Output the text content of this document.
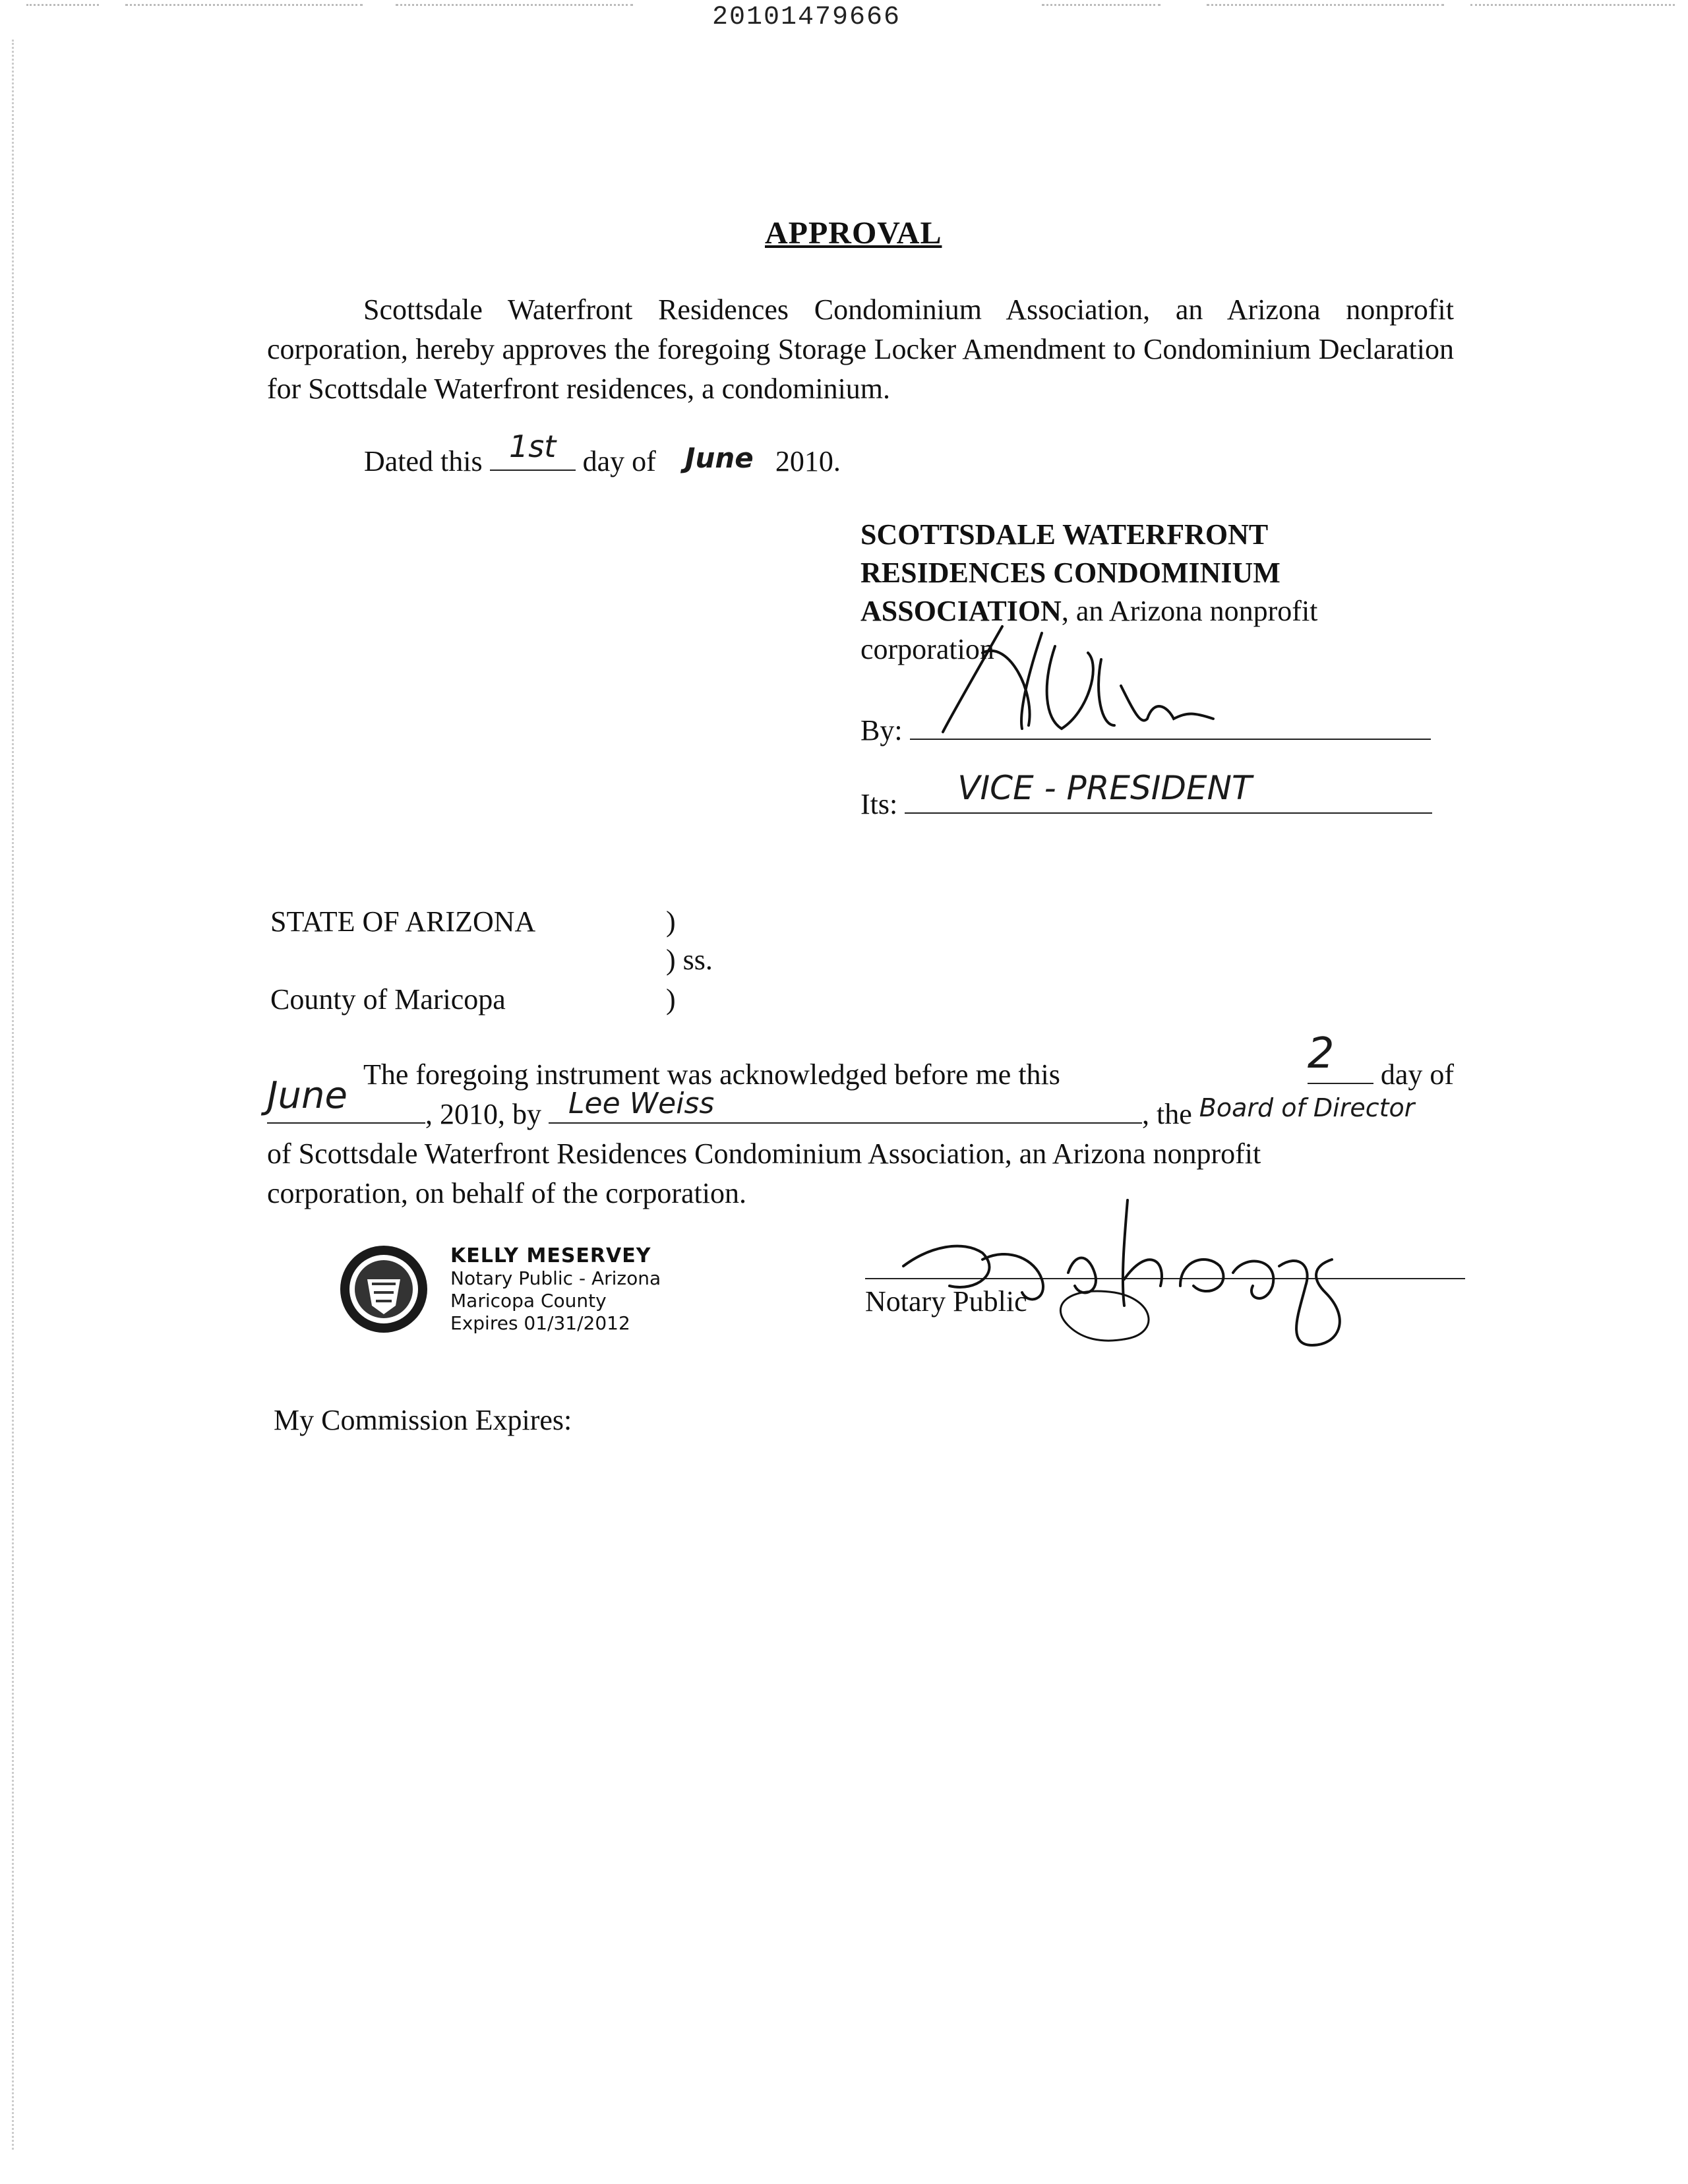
20101479666
APPROVAL
Scottsdale Waterfront Residences Condominium Association, an Arizona nonprofit corporation, hereby approves the foregoing Storage Locker Amendment to Condominium Declaration for Scottsdale Waterfront residences, a condominium.
Dated this 1st day of	June 2010.
SCOTTSDALE WATERFRONT
RESIDENCES CONDOMINIUM
ASSOCIATION, an Arizona nonprofit
corporation
By:
Its: VICE - PRESIDENT
STATE OF ARIZONA	)
) ss.
County of Maricopa	)
The foregoing instrument was acknowledged before me this	2	day of
June	, 2010, by Lee Weiss	, the Board of Director
of Scottsdale Waterfront Residences Condominium Association, an Arizona nonprofit
corporation, on behalf of the corporation.
KELLY MESERVEY
Notary Public - Arizona
Maricopa County
Expires 01/31/2012
Notary Public
My Commission Expires:
